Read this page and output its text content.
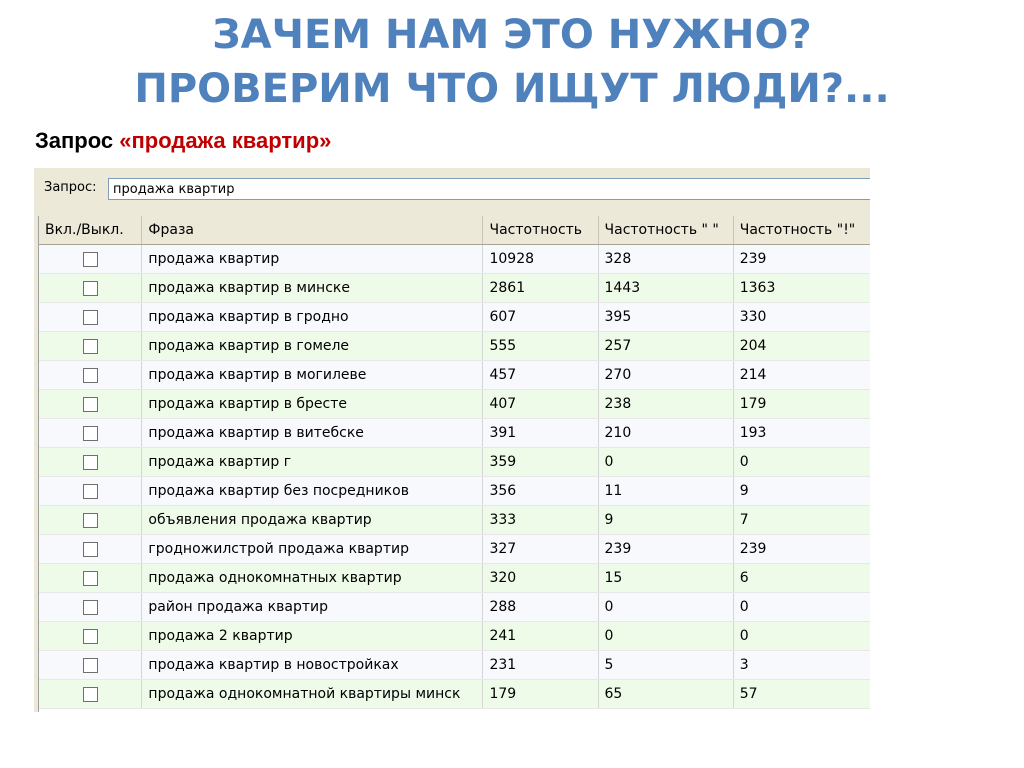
ЗАЧЕМ НАМ ЭТО НУЖНО?
ПРОВЕРИМ ЧТО ИЩУТ ЛЮДИ?...
Запрос «продажа квартир»
Запрос:
продажа квартир
Вкл./Выкл.	Фраза	Частотность	Частотность " "	Частотность "!"
	продажа квартир	10928	328	239
	продажа квартир в минске	2861	1443	1363
	продажа квартир в гродно	607	395	330
	продажа квартир в гомеле	555	257	204
	продажа квартир в могилеве	457	270	214
	продажа квартир в бресте	407	238	179
	продажа квартир в витебске	391	210	193
	продажа квартир г	359	0	0
	продажа квартир без посредников	356	11	9
	объявления продажа квартир	333	9	7
	гродножилстрой продажа квартир	327	239	239
	продажа однокомнатных квартир	320	15	6
	район продажа квартир	288	0	0
	продажа 2 квартир	241	0	0
	продажа квартир в новостройках	231	5	3
	продажа однокомнатной квартиры минск	179	65	57
